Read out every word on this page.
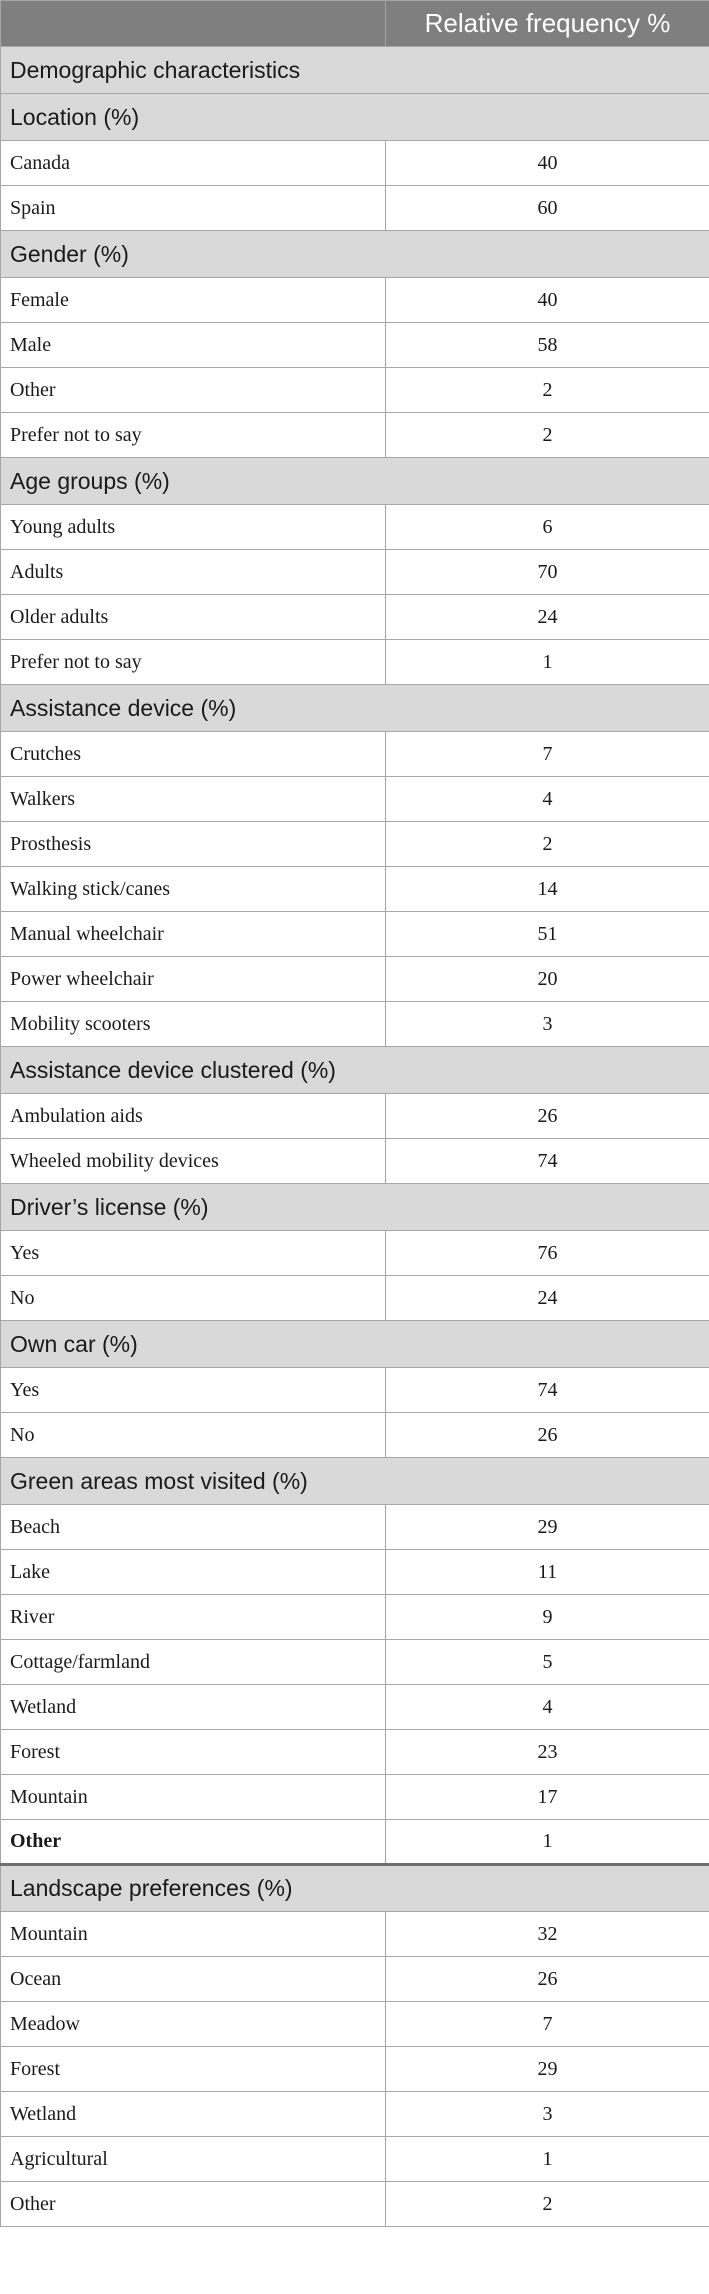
	Relative frequency %
Demographic characteristics	
Location (%)	
Canada	40
Spain	60
Gender (%)	
Female	40
Male	58
Other	2
Prefer not to say	2
Age groups (%)	
Young adults	6
Adults	70
Older adults	24
Prefer not to say	1
Assistance device (%)	
Crutches	7
Walkers	4
Prosthesis	2
Walking stick/canes	14
Manual wheelchair	51
Power wheelchair	20
Mobility scooters	3
Assistance device clustered (%)	
Ambulation aids	26
Wheeled mobility devices	74
Driver’s license (%)	
Yes	76
No	24
Own car (%)	
Yes	74
No	26
Green areas most visited (%)	
Beach	29
Lake	11
River	9
Cottage/farmland	5
Wetland	4
Forest	23
Mountain	17
Other	1
Landscape preferences (%)	
Mountain	32
Ocean	26
Meadow	7
Forest	29
Wetland	3
Agricultural	1
Other	2
